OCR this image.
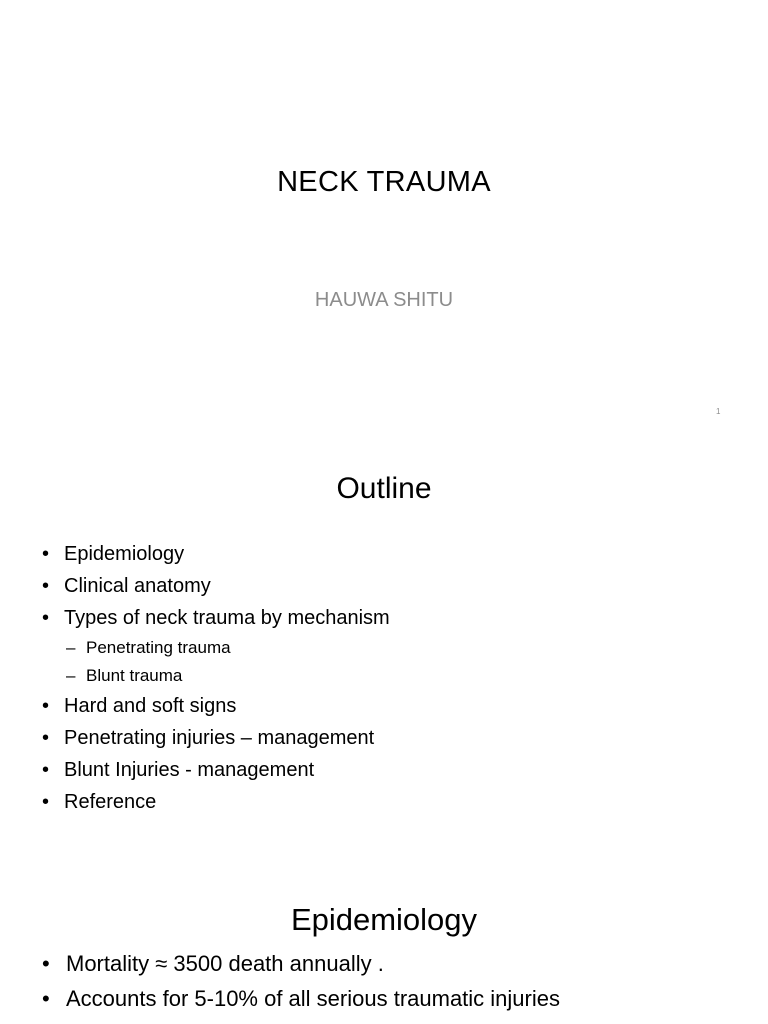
NECK TRAUMA
HAUWA SHITU
1
Outline
• Epidemiology
• Clinical anatomy
• Types of neck trauma by mechanism
– Penetrating trauma
– Blunt trauma
• Hard and soft signs
• Penetrating injuries – management
• Blunt Injuries - management
• Reference
Epidemiology
• Mortality ≈ 3500 death annually .
• Accounts for 5-10% of all serious traumatic injuries
